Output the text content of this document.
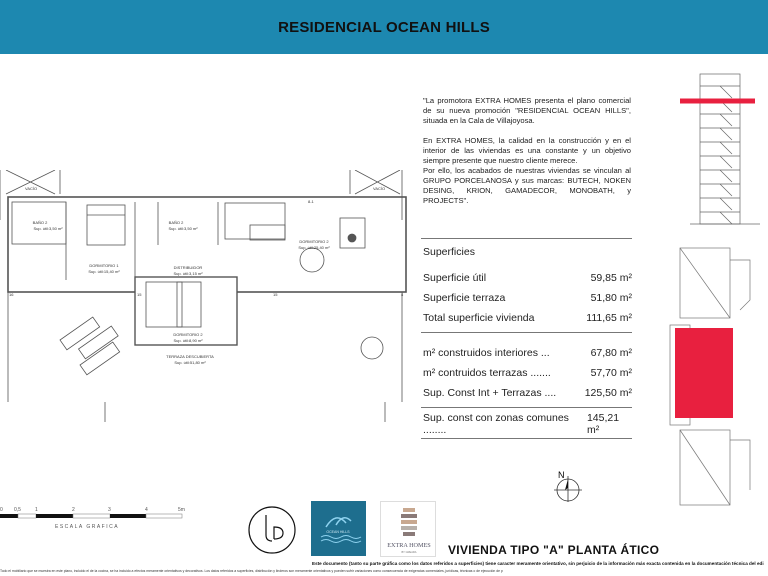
RESIDENCIAL OCEAN HILLS

"La promotora EXTRA HOMES presenta el plano comercial de su nueva promoción "RESIDENCIAL OCEAN HILLS", situada en la Cala de Villajoyosa.

En EXTRA HOMES, la calidad en la construcción y en el interior de las viviendas es una constante y un objetivo siempre presente que nuestro cliente merece.

Por ello, los acabados de nuestras viviendas se vinculan al GRUPO PORCELANOSA y sus marcas: BUTECH, NOKEN DESING, KRION, GAMADECOR, MONOBATH, y PROJECTS".

Superficies
Superficie útil	59,85 m²
Superficie terraza	51,80 m²
Total superficie vivienda	111,65 m²
m² construidos interiores ...	67,80 m²
m² contruidos terrazas .......	57,70 m²
Sup. Const Int + Terrazas ....	125,50 m²
Sup. const con zonas comunes ........
145,21 m²
VACÍO	VACÍO
8-1
BAÑO 2
Sup. útil:3,50 m²
DORMITORIO 1
Sup. útil:15,40 m²
BAÑO 2
Sup. útil:3,50 m²
DISTRIBUIDOR
Sup. útil:3,15 m²
DORMITORIO 2
Sup. útil:25,40 m²
DORMITORIO 2
Sup. útil:8,90 m²
TERRAZA DESCUBIERTA
Sup. útil:51,80 m²
16	15	15	4
N
0 0,5	1	2	3	4	5m
ESCALA GRAFICA
OCEAN HILLS
EXTRA HOMES
BY GREARA	VIVIENDA TIPO "A" PLANTA ÁTICO
Este documento (tanto su parte gráfica como los datos referidos a superficies) tiene caracter meramente orientativo, sin perjuicio de la información más exacta contenida en la documentación técnica del edi
Todo el mobiliario que se muestra en este plano, incluido el de la cocina, se ha incluido a efectos meramente orientativos y decorativos. Los datos referidos a superficies, distribución y linderos son meramente orientativos y pueden sufrir variaciones como consecuencia de exigencias comerciales, jurídicas, técnicas o de ejecución de p
